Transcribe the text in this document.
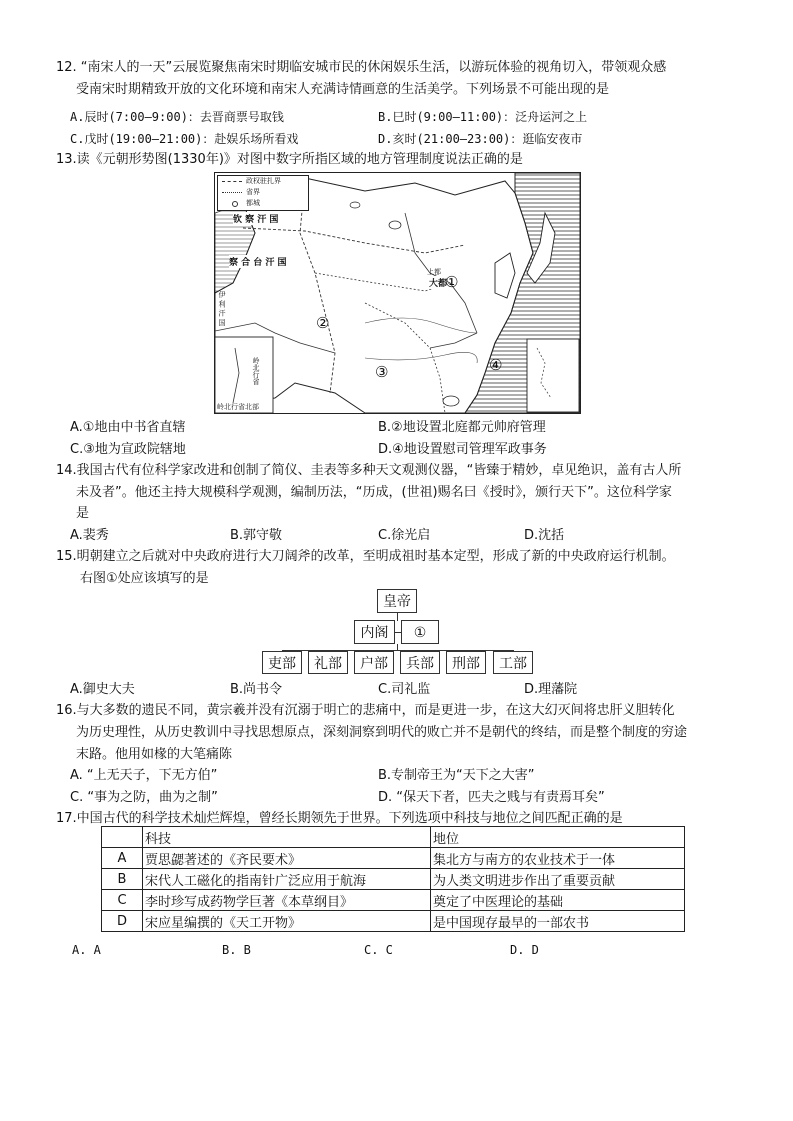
12. “南宋人的一天”云展览聚焦南宋时期临安城市民的休闲娱乐生活，以游玩体验的视角切入，带领观众感
受南宋时期精致开放的文化环境和南宋人充满诗情画意的生活美学。下列场景不可能出现的是
A.辰时(7:00—9:00)：去晋商票号取钱	B.巳时(9:00—11:00)：泛舟运河之上
C.戊时(19:00—21:00)：赴娱乐场所看戏	D.亥时(21:00—23:00)：逛临安夜市
13.读《元朝形势图(1330年)》对图中数字所指区域的地方管理制度说法正确的是
政权驻扎界
省界
都城
钦 察 汗 国
察 合 台 汗 国
伊 利 汗 国
上都
大都
岭北行省
岭北行省北部
①
②
③	④
A.①地由中书省直辖	B.②地设置北庭都元帅府管理
C.③地为宣政院辖地	D.④地设置慰司管理军政事务
14.我国古代有位科学家改进和创制了简仪、圭表等多种天文观测仪器，“皆臻于精妙，卓见绝识，盖有古人所
未及者”。他还主持大规模科学观测，编制历法，“历成，(世祖)赐名曰《授时》，颁行天下”。这位科学家
是
A.裴秀	B.郭守敬	C.徐光启	D.沈括
15.明朝建立之后就对中央政府进行大刀阔斧的改革，至明成祖时基本定型，形成了新的中央政府运行机制。
右图①处应该填写的是
皇帝
内阁	①
吏部	礼部	户部	兵部	刑部	工部
A.御史大夫	B.尚书令	C.司礼监	D.理藩院
16.与大多数的遗民不同，黄宗羲并没有沉溺于明亡的悲痛中，而是更进一步，在这大幻灭间将忠肝义胆转化
为历史理性，从历史教训中寻找思想原点，深刻洞察到明代的败亡并不是朝代的终结，而是整个制度的穷途
末路。他用如椽的大笔痛陈
A. “上无天子，下无方伯”	B.专制帝王为“天下之大害”
C. “事为之防，曲为之制”	D. “保天下者，匹夫之贱与有责焉耳矣”
17.中国古代的科学技术灿烂辉煌，曾经长期领先于世界。下列选项中科技与地位之间匹配正确的是
	科技	地位
A	贾思勰著述的《齐民要术》	集北方与南方的农业技术于一体
B	宋代人工磁化的指南针广泛应用于航海	为人类文明进步作出了重要贡献
C	李时珍写成药物学巨著《本草纲目》	奠定了中医理论的基础
D	宋应星编撰的《天工开物》	是中国现存最早的一部农书
A. A	B. B	C. C	D. D
